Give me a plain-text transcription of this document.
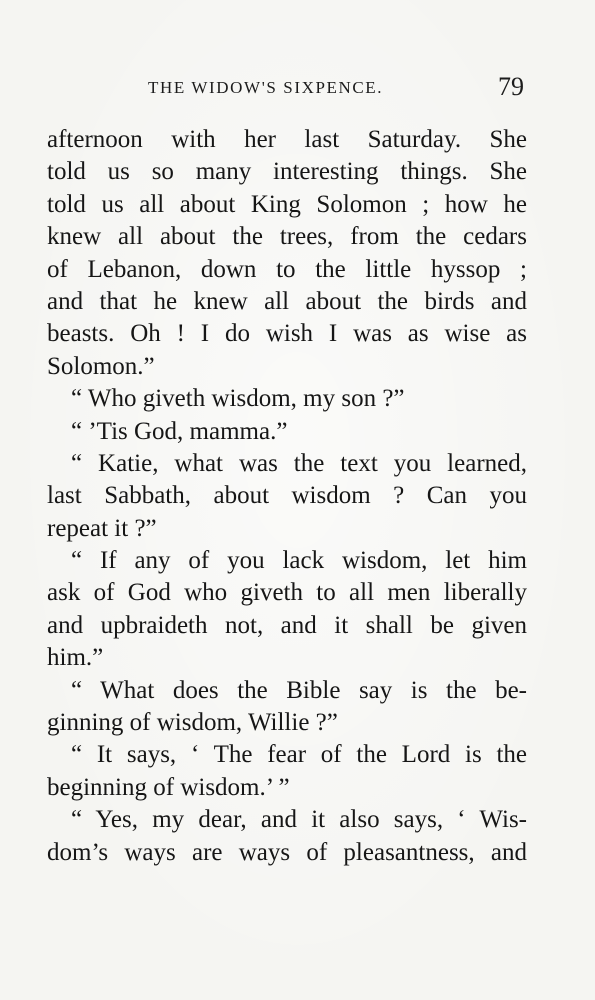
THE WIDOW'S SIXPENCE.	79
afternoon with her last Saturday. She
told us so many interesting things. She
told us all about King Solomon ; how he
knew all about the trees, from the cedars
of Lebanon, down to the little hyssop ;
and that he knew all about the birds and
beasts. Oh ! I do wish I was as wise as
Solomon.”
“ Who giveth wisdom, my son ?”
“ ’Tis God, mamma.”
“ Katie, what was the text you learned,
last Sabbath, about wisdom ? Can you
repeat it ?”
“ If any of you lack wisdom, let him
ask of God who giveth to all men liberally
and upbraideth not, and it shall be given
him.”
“ What does the Bible say is the be-
ginning of wisdom, Willie ?”
“ It says, ‘ The fear of the Lord is the
beginning of wisdom.’ ”
“ Yes, my dear, and it also says, ‘ Wis-
dom’s ways are ways of pleasantness, and
